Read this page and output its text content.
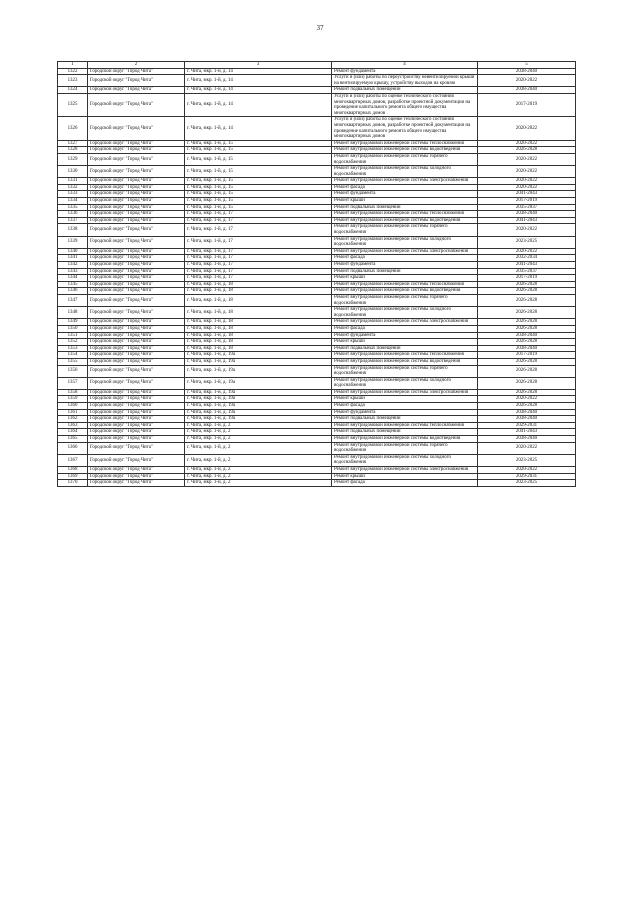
37
1	2	3	4	5
1322	Городской округ "Город Чита"	г. Чита, мкр. 1-й, д. 14	Ремонт фундамента	2038-2040
1323	Городской округ "Город Чита"	г. Чита, мкр. 1-й, д. 14	Услуги и (или) работы по переустройству невентилируемой крыши на вентилируемую крышу, устройству выходов на кровлю	2020-2022
1324	Городской округ "Город Чита"	г. Чита, мкр. 1-й, д. 14	Ремонт подвальных помещений	2038-2040
1325	Городской округ "Город Чита"	г. Чита, мкр. 1-й, д. 14	Услуги и (или) работы по оценке технического состояния многоквартирных домов, разработке проектной документации на проведение капитального ремонта общего имущества многоквартирных домов	2017-2019
1326	Городской округ "Город Чита"	г. Чита, мкр. 1-й, д. 14	Услуги и (или) работы по оценке технического состояния многоквартирных домов, разработке проектной документации на проведение капитального ремонта общего имущества многоквартирных домов	2020-2022
1327	Городской округ "Город Чита"	г. Чита, мкр. 1-й, д. 15	Ремонт внутридомовой инженерной системы теплоснабжения	2020-2022
1328	Городской округ "Город Чита"	г. Чита, мкр. 1-й, д. 15	Ремонт внутридомовой инженерной системы водоотведения	2026-2028
1329	Городской округ "Город Чита"	г. Чита, мкр. 1-й, д. 15	Ремонт внутридомовой инженерной системы горячего водоснабжения	2020-2022
1330	Городской округ "Город Чита"	г. Чита, мкр. 1-й, д. 15	Ремонт внутридомовой инженерной системы холодного водоснабжения	2020-2022
1331	Городской округ "Город Чита"	г. Чита, мкр. 1-й, д. 15	Ремонт внутридомовой инженерной системы электроснабжения	2020-2022
1332	Городской округ "Город Чита"	г. Чита, мкр. 1-й, д. 15	Ремонт фасада	2020-2022
1333	Городской округ "Город Чита"	г. Чита, мкр. 1-й, д. 15	Ремонт фундамента	2041-2043
1334	Городской округ "Город Чита"	г. Чита, мкр. 1-й, д. 15	Ремонт крыши	2017-2019
1335	Городской округ "Город Чита"	г. Чита, мкр. 1-й, д. 15	Ремонт подвальных помещений	2035-2037
1336	Городской округ "Город Чита"	г. Чита, мкр. 1-й, д. 17	Ремонт внутридомовой инженерной системы теплоснабжения	2038-2040
1337	Городской округ "Город Чита"	г. Чита, мкр. 1-й, д. 17	Ремонт внутридомовой инженерной системы водоотведения	2041-2043
1338	Городской округ "Город Чита"	г. Чита, мкр. 1-й, д. 17	Ремонт внутридомовой инженерной системы горячего водоснабжения	2020-2022
1339	Городской округ "Город Чита"	г. Чита, мкр. 1-й, д. 17	Ремонт внутридомовой инженерной системы холодного водоснабжения	2023-2025
1340	Городской округ "Город Чита"	г. Чита, мкр. 1-й, д. 17	Ремонт внутридомовой инженерной системы электроснабжения	2020-2022
1341	Городской округ "Город Чита"	г. Чита, мкр. 1-й, д. 17	Ремонт фасада	2032-2034
1342	Городской округ "Город Чита"	г. Чита, мкр. 1-й, д. 17	Ремонт фундамента	2041-2043
1343	Городской округ "Город Чита"	г. Чита, мкр. 1-й, д. 17	Ремонт подвальных помещений	2035-2037
1344	Городской округ "Город Чита"	г. Чита, мкр. 1-й, д. 17	Ремонт крыши	2017-2019
1345	Городской округ "Город Чита"	г. Чита, мкр. 1-й, д. 18	Ремонт внутридомовой инженерной системы теплоснабжения	2026-2028
1346	Городской округ "Город Чита"	г. Чита, мкр. 1-й, д. 18	Ремонт внутридомовой инженерной системы водоотведения	2026-2028
1347	Городской округ "Город Чита"	г. Чита, мкр. 1-й, д. 18	Ремонт внутридомовой инженерной системы горячего водоснабжения	2026-2028
1348	Городской округ "Город Чита"	г. Чита, мкр. 1-й, д. 18	Ремонт внутридомовой инженерной системы холодного водоснабжения	2026-2028
1349	Городской округ "Город Чита"	г. Чита, мкр. 1-й, д. 18	Ремонт внутридомовой инженерной системы электроснабжения	2026-2028
1350	Городской округ "Город Чита"	г. Чита, мкр. 1-й, д. 18	Ремонт фасада	2026-2028
1351	Городской округ "Город Чита"	г. Чита, мкр. 1-й, д. 18	Ремонт фундамента	2038-2040
1352	Городской округ "Город Чита"	г. Чита, мкр. 1-й, д. 18	Ремонт крыши	2026-2028
1353	Городской округ "Город Чита"	г. Чита, мкр. 1-й, д. 18	Ремонт подвальных помещений	2038-2040
1354	Городской округ "Город Чита"	г. Чита, мкр. 1-й, д. 19а	Ремонт внутридомовой инженерной системы теплоснабжения	2017-2019
1355	Городской округ "Город Чита"	г. Чита, мкр. 1-й, д. 19а	Ремонт внутридомовой инженерной системы водоотведения	2026-2028
1356	Городской округ "Город Чита"	г. Чита, мкр. 1-й, д. 19а	Ремонт внутридомовой инженерной системы горячего водоснабжения	2026-2028
1357	Городской округ "Город Чита"	г. Чита, мкр. 1-й, д. 19а	Ремонт внутридомовой инженерной системы холодного водоснабжения	2026-2028
1358	Городской округ "Город Чита"	г. Чита, мкр. 1-й, д. 19а	Ремонт внутридомовой инженерной системы электроснабжения	2026-2028
1359	Городской округ "Город Чита"	г. Чита, мкр. 1-й, д. 19а	Ремонт крыши	2020-2022
1360	Городской округ "Город Чита"	г. Чита, мкр. 1-й, д. 19а	Ремонт фасада	2026-2028
1361	Городской округ "Город Чита"	г. Чита, мкр. 1-й, д. 19а	Ремонт фундамента	2038-2040
1362	Городской округ "Город Чита"	г. Чита, мкр. 1-й, д. 19а	Ремонт подвальных помещений	2038-2040
1363	Городской округ "Город Чита"	г. Чита, мкр. 1-й, д. 2	Ремонт внутридомовой инженерной системы теплоснабжения	2029-2031
1364	Городской округ "Город Чита"	г. Чита, мкр. 1-й, д. 2	Ремонт подвальных помещений	2041-2043
1365	Городской округ "Город Чита"	г. Чита, мкр. 1-й, д. 2	Ремонт внутридомовой инженерной системы водоотведения	2038-2040
1366	Городской округ "Город Чита"	г. Чита, мкр. 1-й, д. 2	Ремонт внутридомовой инженерной системы горячего водоснабжения	2020-2022
1367	Городской округ "Город Чита"	г. Чита, мкр. 1-й, д. 2	Ремонт внутридомовой инженерной системы холодного водоснабжения	2023-2025
1368	Городской округ "Город Чита"	г. Чита, мкр. 1-й, д. 2	Ремонт внутридомовой инженерной системы электроснабжения	2020-2022
1369	Городской округ "Город Чита"	г. Чита, мкр. 1-й, д. 2	Ремонт крыши	2029-2031
1370	Городской округ "Город Чита"	г. Чита, мкр. 1-й, д. 2	Ремонт фасада	2023-2025
